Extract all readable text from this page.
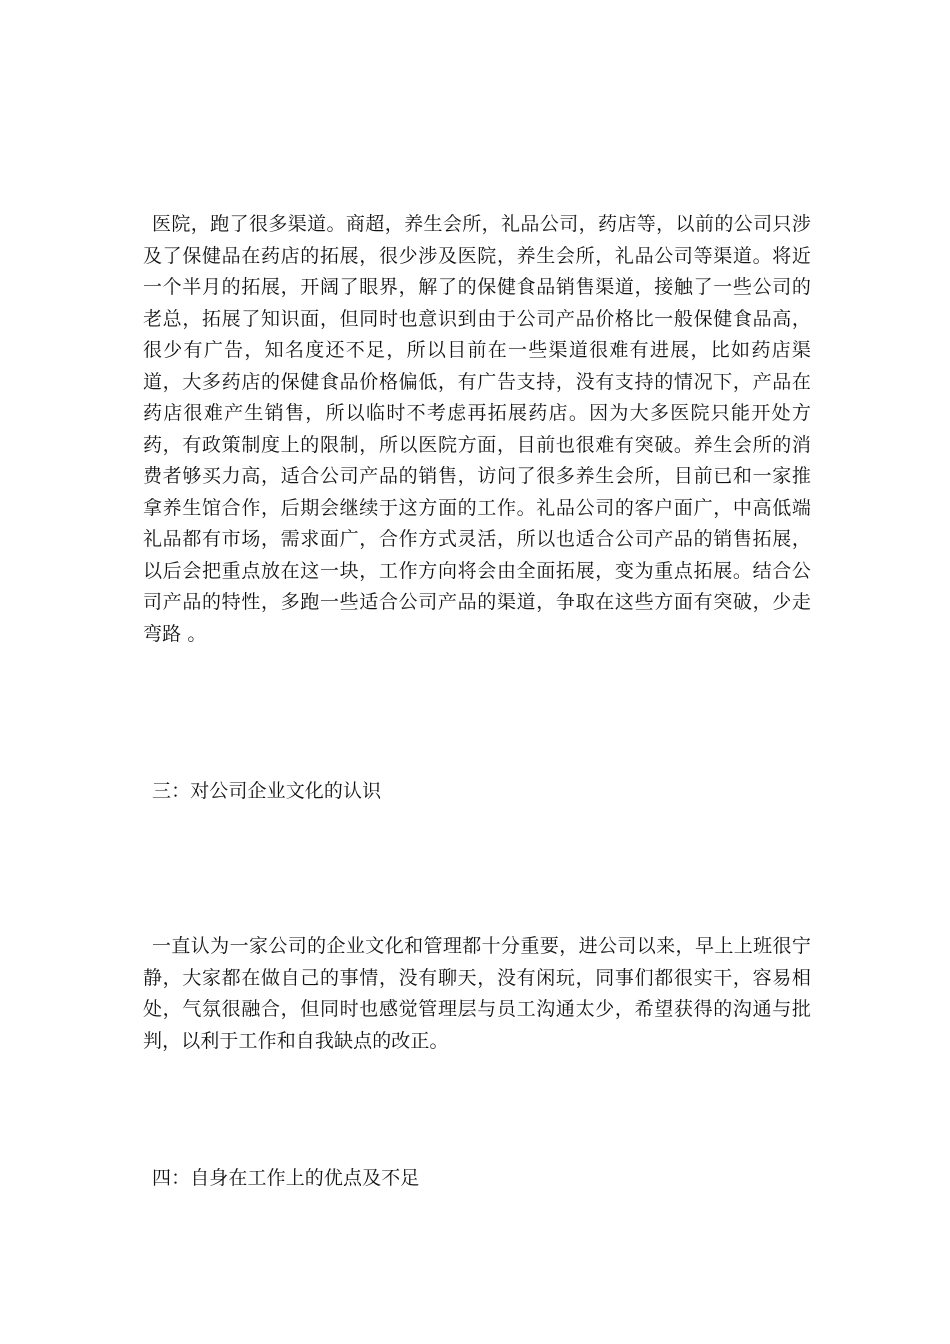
医院，跑了很多渠道。商超，养生会所，礼品公司，药店等，以前的公司只涉及了保健品在药店的拓展，很少涉及医院，养生会所，礼品公司等渠道。将近一个半月的拓展，开阔了眼界，解了的保健食品销售渠道，接触了一些公司的老总，拓展了知识面，但同时也意识到由于公司产品价格比一般保健食品高，很少有广告，知名度还不足，所以目前在一些渠道很难有进展，比如药店渠道，大多药店的保健食品价格偏低，有广告支持，没有支持的情况下，产品在药店很难产生销售，所以临时不考虑再拓展药店。因为大多医院只能开处方药，有政策制度上的限制，所以医院方面，目前也很难有突破。养生会所的消费者够买力高，适合公司产品的销售，访问了很多养生会所，目前已和一家推拿养生馆合作，后期会继续于这方面的工作。礼品公司的客户面广，中高低端礼品都有市场，需求面广，合作方式灵活，所以也适合公司产品的销售拓展，以后会把重点放在这一块，工作方向将会由全面拓展，变为重点拓展。结合公司产品的特性，多跑一些适合公司产品的渠道，争取在这些方面有突破，少走弯路 。

三：对公司企业文化的认识

一直认为一家公司的企业文化和管理都十分重要，进公司以来，早上上班很宁静，大家都在做自己的事情，没有聊天，没有闲玩，同事们都很实干，容易相处，气氛很融合，但同时也感觉管理层与员工沟通太少，希望获得的沟通与批判，以利于工作和自我缺点的改正。

四：自身在工作上的优点及不足
